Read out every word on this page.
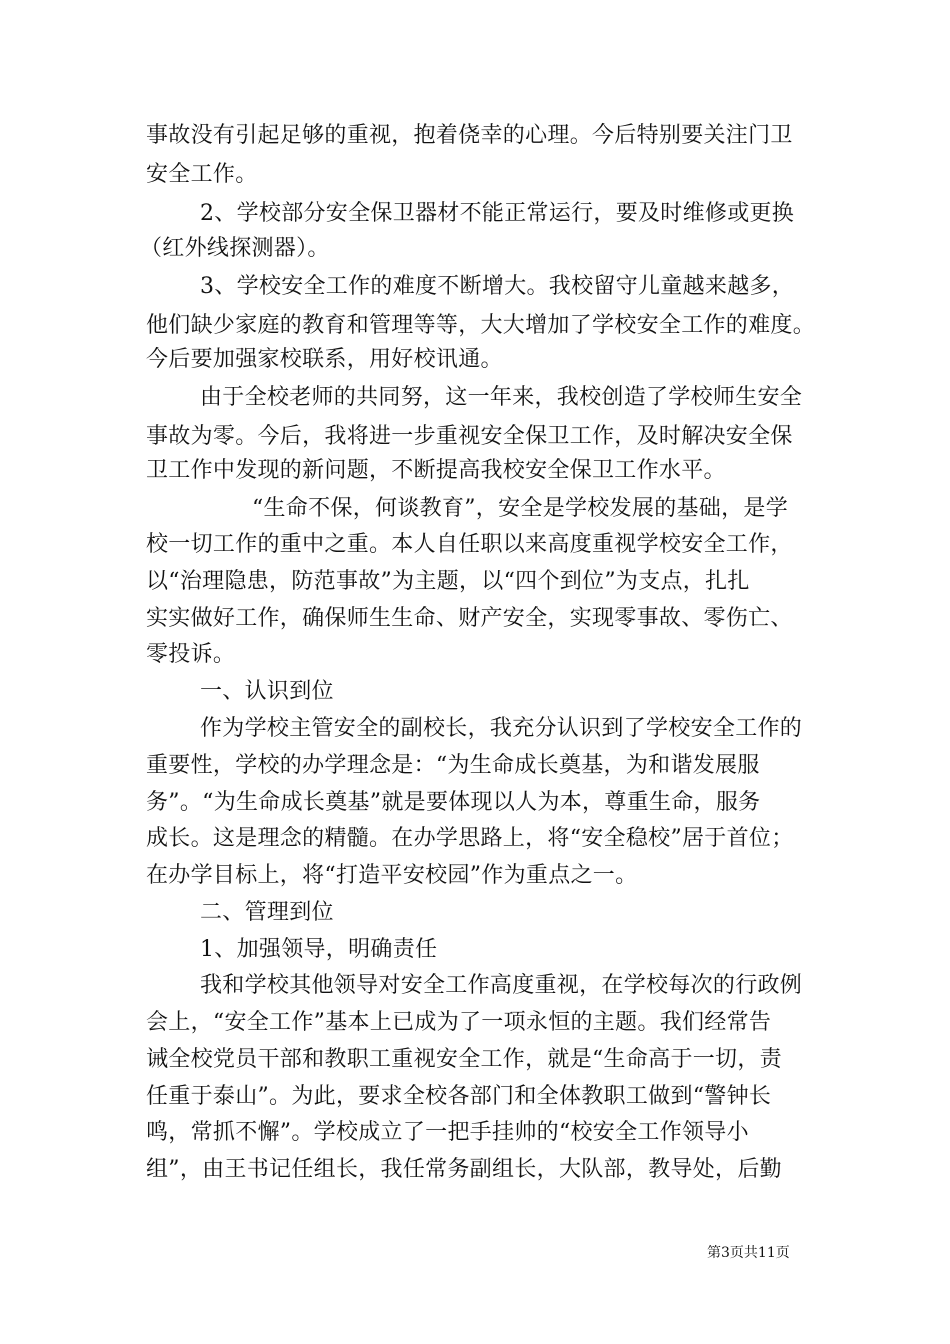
事故没有引起足够的重视，抱着侥幸的心理。今后特别要关注门卫

安全工作。

2、学校部分安全保卫器材不能正常运行，要及时维修或更换

（红外线探测器）。

3、学校安全工作的难度不断增大。我校留守儿童越来越多，

他们缺少家庭的教育和管理等等，大大增加了学校安全工作的难度。

今后要加强家校联系，用好校讯通。

由于全校老师的共同努，这一年来，我校创造了学校师生安全

事故为零。今后，我将进一步重视安全保卫工作，及时解决安全保

卫工作中发现的新问题，不断提高我校安全保卫工作水平。

“生命不保，何谈教育”，安全是学校发展的基础，是学

校一切工作的重中之重。本人自任职以来高度重视学校安全工作，

以“治理隐患，防范事故”为主题，以“四个到位”为支点，扎扎

实实做好工作，确保师生生命、财产安全，实现零事故、零伤亡、

零投诉。

一、认识到位

作为学校主管安全的副校长，我充分认识到了学校安全工作的

重要性，学校的办学理念是：“为生命成长奠基，为和谐发展服

务”。“为生命成长奠基”就是要体现以人为本，尊重生命，服务

成长。这是理念的精髓。在办学思路上，将“安全稳校”居于首位；

在办学目标上，将“打造平安校园”作为重点之一。

二、管理到位

1、加强领导，明确责任

我和学校其他领导对安全工作高度重视，在学校每次的行政例

会上，“安全工作”基本上已成为了一项永恒的主题。我们经常告

诫全校党员干部和教职工重视安全工作，就是“生命高于一切，责

任重于泰山”。为此，要求全校各部门和全体教职工做到“警钟长

鸣，常抓不懈”。学校成立了一把手挂帅的“校安全工作领导小

组”，由王书记任组长，我任常务副组长，大队部，教导处，后勤

第3页共11页
